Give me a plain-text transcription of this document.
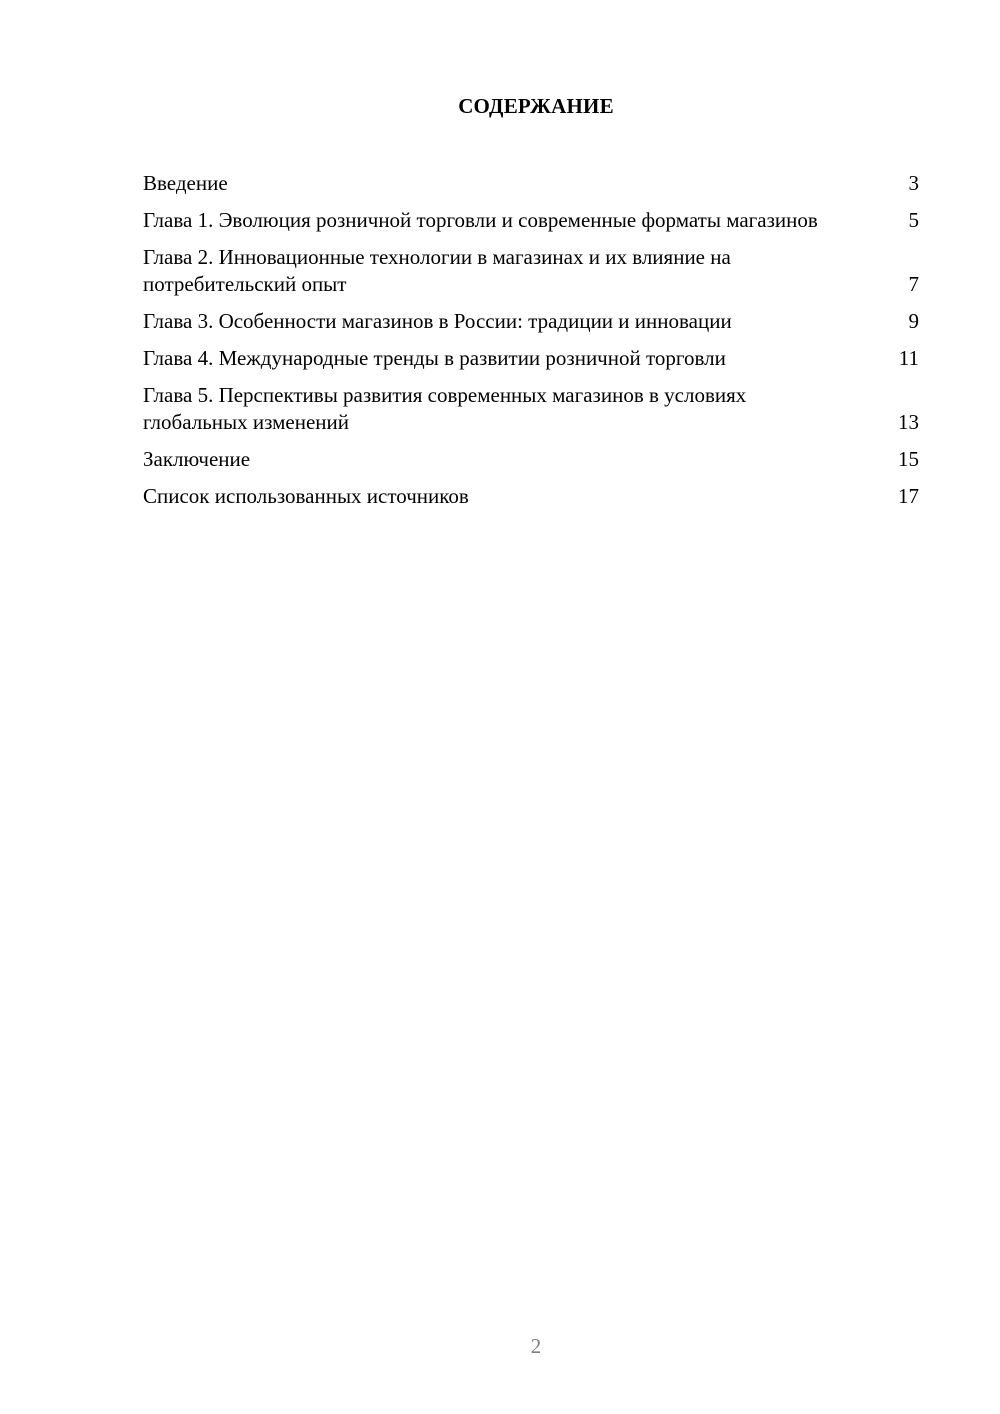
СОДЕРЖАНИЕ
Введение	3
Глава 1. Эволюция розничной торговли и современные форматы магазинов	5
Глава 2. Инновационные технологии в магазинах и их влияние на потребительский опыт	7
Глава 3. Особенности магазинов в России: традиции и инновации	9
Глава 4. Международные тренды в развитии розничной торговли	11
Глава 5. Перспективы развития современных магазинов в условиях глобальных изменений	13
Заключение	15
Список использованных источников	17
2
